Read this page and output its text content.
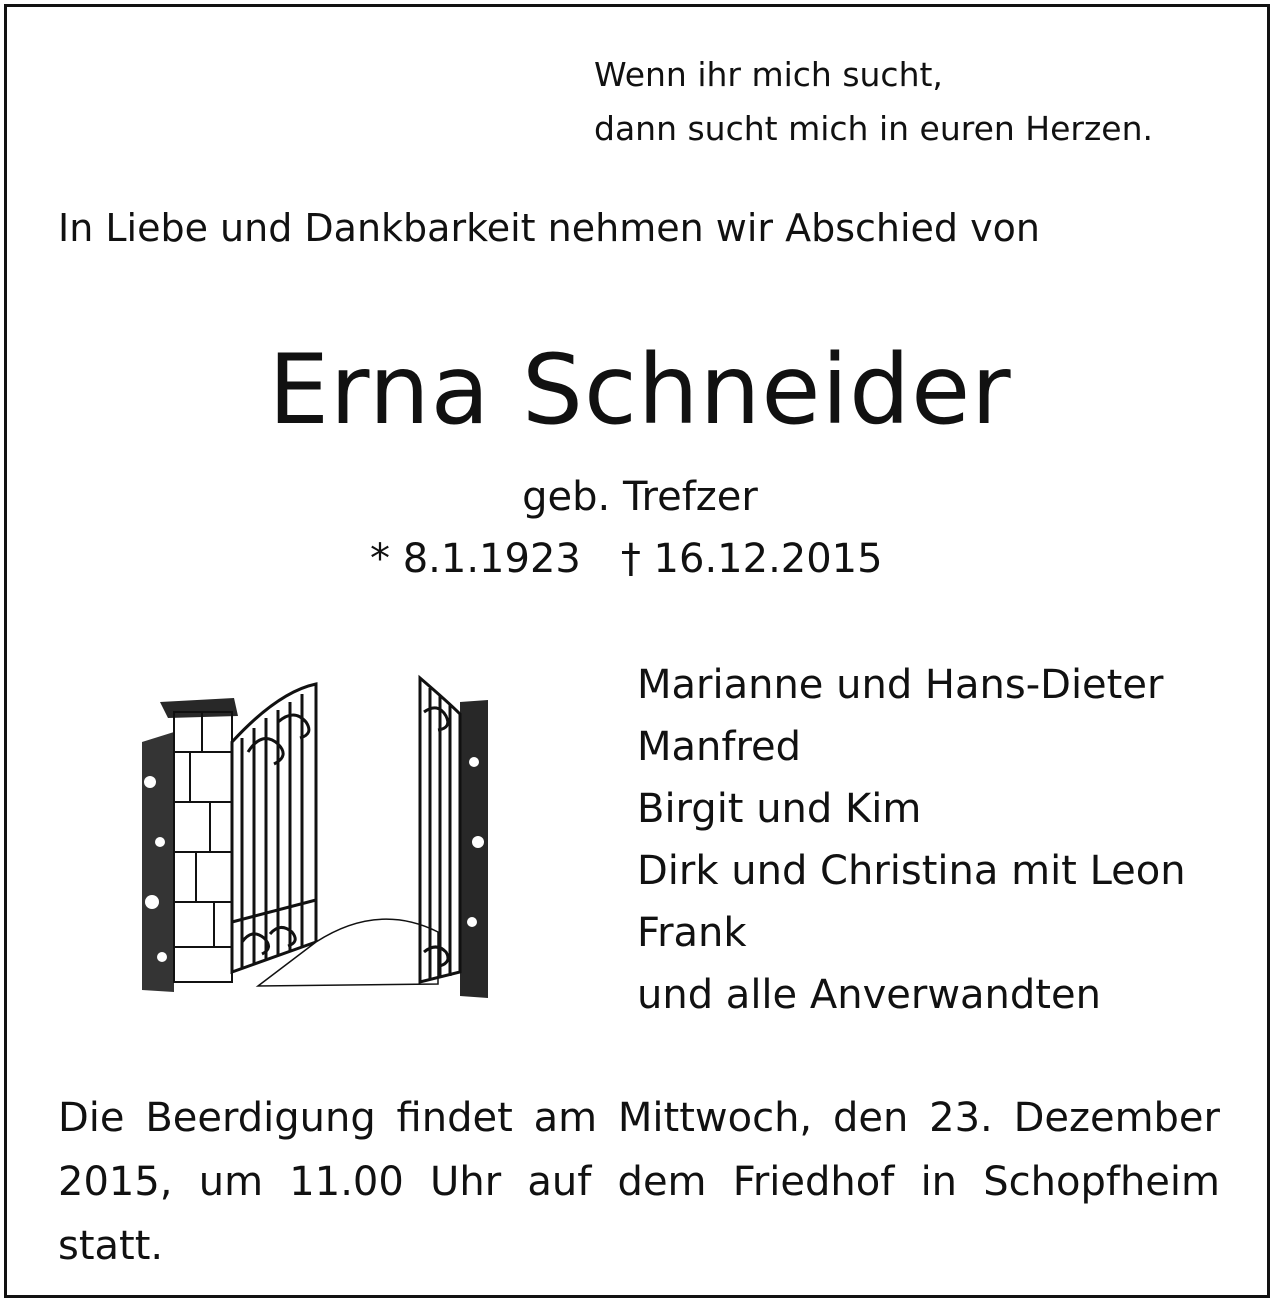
Wenn ihr mich sucht,
dann sucht mich in euren Herzen.
In Liebe und Dankbarkeit nehmen wir Abschied von
Erna Schneider
geb. Trefzer
* 8.1.1923 † 16.12.2015
Marianne und Hans-Dieter
Manfred
Birgit und Kim
Dirk und Christina mit Leon
Frank
und alle Anverwandten
Die Beerdigung findet am Mittwoch, den 23. Dezember 2015, um 11.00 Uhr auf dem Friedhof in Schopfheim statt.
